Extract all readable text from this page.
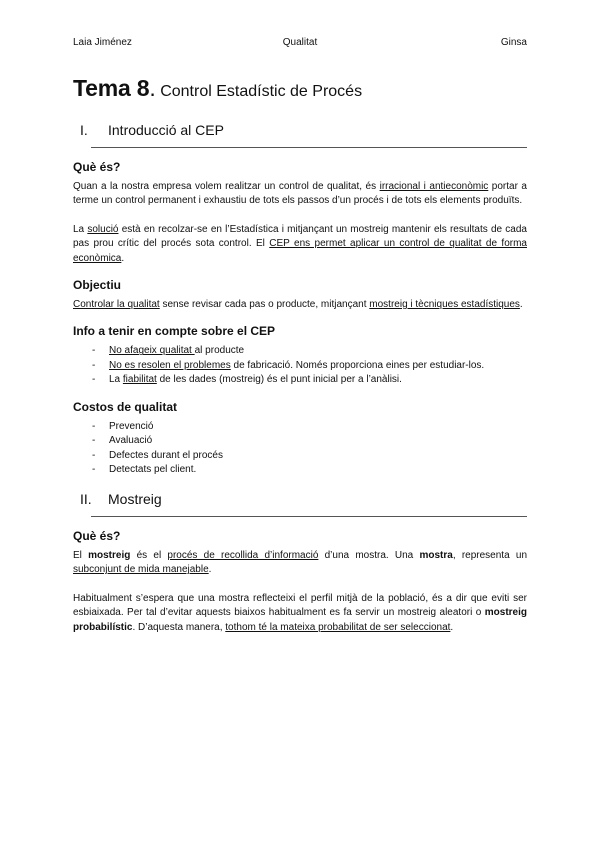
Laia Jiménez	Qualitat	Ginsa
Tema 8. Control Estadístic de Procés
I. Introducció al CEP
Què és?

Quan a la nostra empresa volem realitzar un control de qualitat, és irracional i antieconòmic portar a terme un control permanent i exhaustiu de tots els passos d’un procés i de tots els elements produïts.

La solució està en recolzar-se en l’Estadística i mitjançant un mostreig mantenir els resultats de cada pas prou crític del procés sota control. El CEP ens permet aplicar un control de qualitat de forma econòmica.

Objectiu

Controlar la qualitat sense revisar cada pas o producte, mitjançant mostreig i tècniques estadístiques.

Info a tenir en compte sobre el CEP
- No afageix qualitat al producte
- No es resolen el problemes de fabricació. Només proporciona eines per estudiar-los.
- La fiabilitat de les dades (mostreig) és el punt inicial per a l’anàlisi.
Costos de qualitat
- Prevenció
- Avaluació
- Defectes durant el procés
- Detectats pel client.
II. Mostreig
Què és?

El mostreig és el procés de recollida d’informació d’una mostra. Una mostra, representa un subconjunt de mida manejable.

Habitualment s’espera que una mostra reflecteixi el perfil mitjà de la població, és a dir que eviti ser esbiaixada. Per tal d’evitar aquests biaixos habitualment es fa servir un mostreig aleatori o mostreig probabilístic. D’aquesta manera, tothom té la mateixa probabilitat de ser seleccionat.
